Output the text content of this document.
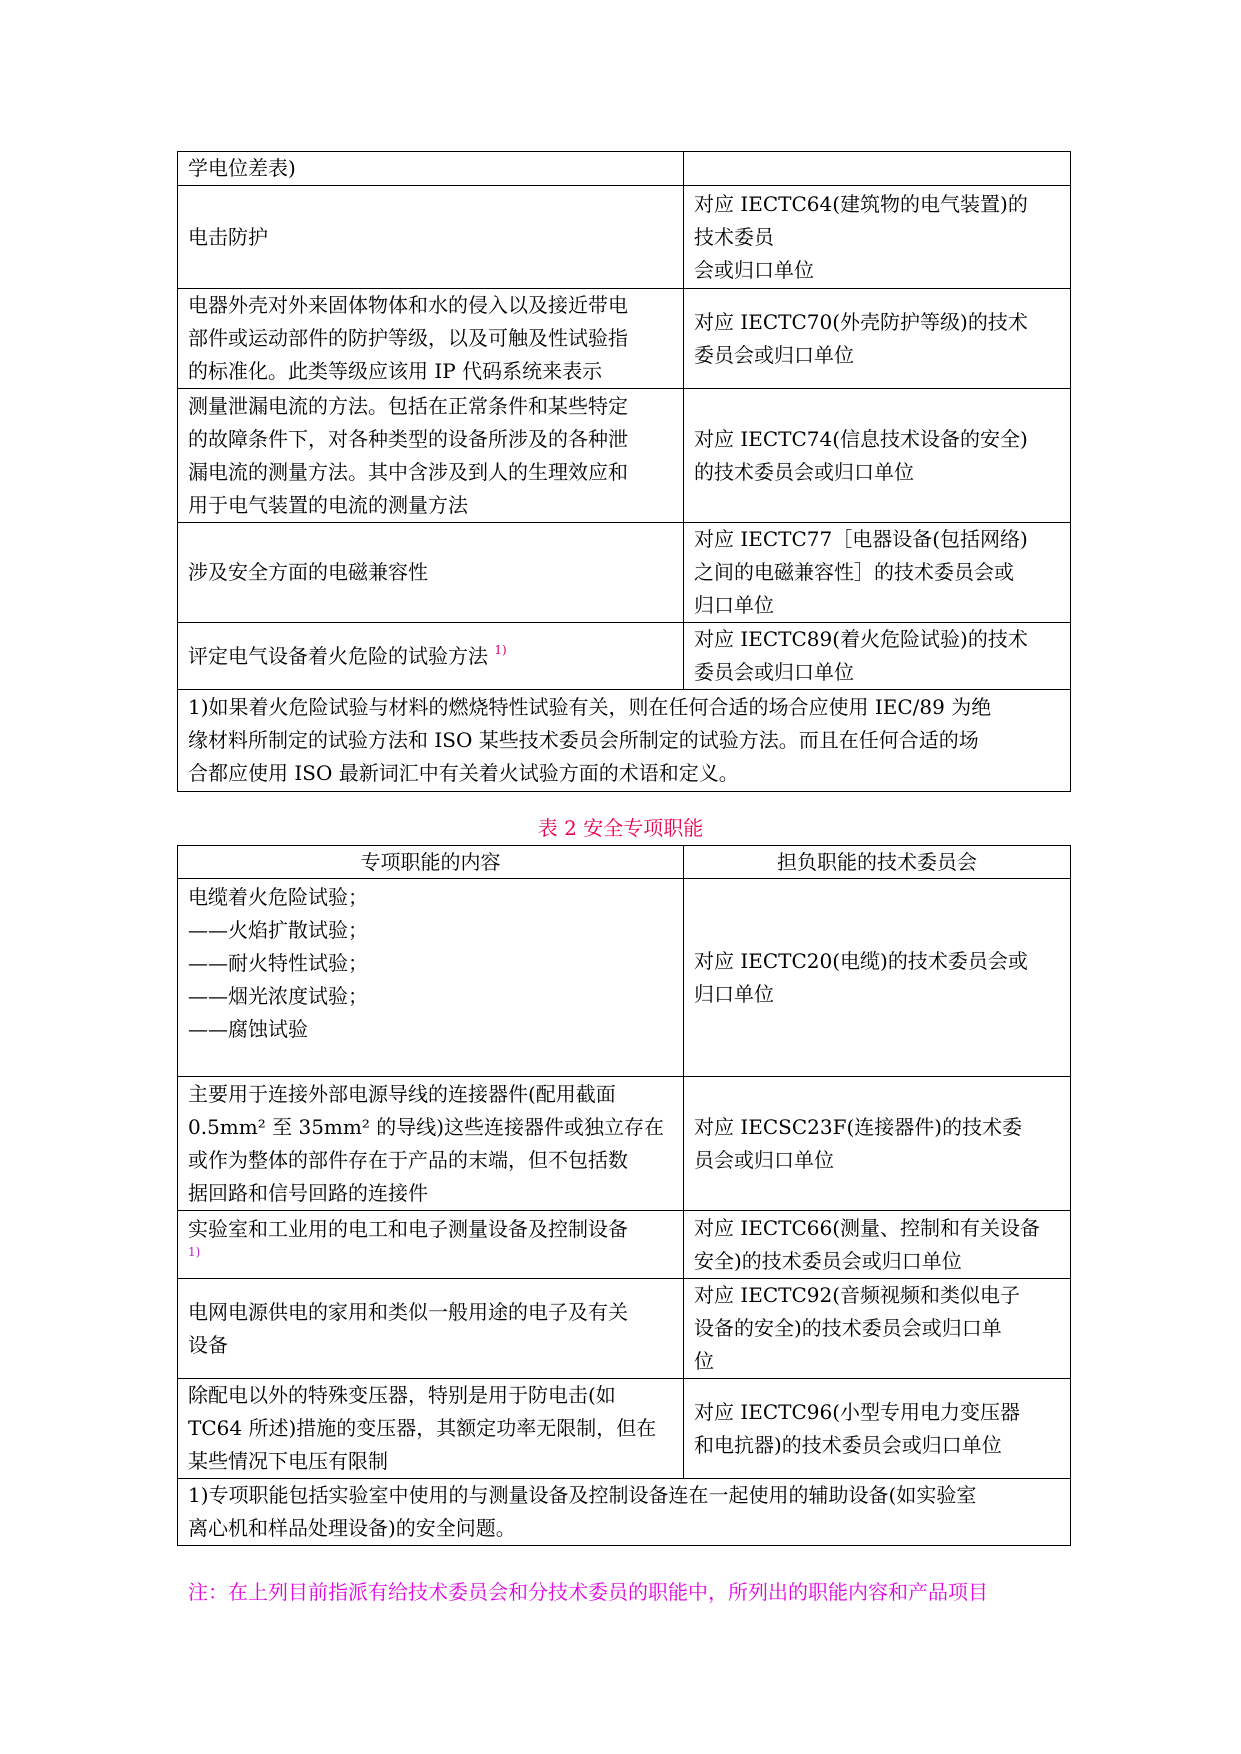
学电位差表)	

电击防护	对应 IECTC64(建筑物的电气装置)的
技术委员
会或归口单位

电器外壳对外来固体物体和水的侵入以及接近带电
部件或运动部件的防护等级，以及可触及性试验指
的标准化。此类等级应该用 IP 代码系统来表示	对应 IECTC70(外壳防护等级)的技术
委员会或归口单位

测量泄漏电流的方法。包括在正常条件和某些特定
的故障条件下，对各种类型的设备所涉及的各种泄
漏电流的测量方法。其中含涉及到人的生理效应和
用于电气装置的电流的测量方法	对应 IECTC74(信息技术设备的安全)
的技术委员会或归口单位

涉及安全方面的电磁兼容性	对应 IECTC77［电器设备(包括网络)
之间的电磁兼容性］的技术委员会或
归口单位

评定电气设备着火危险的试验方法 $^{1)}$	对应 IECTC89(着火危险试验)的技术
委员会或归口单位

1)如果着火危险试验与材料的燃烧特性试验有关，则在任何合适的场合应使用 IEC/89 为绝
缘材料所制定的试验方法和 ISO 某些技术委员会所制定的试验方法。而且在任何合适的场
合都应使用 ISO 最新词汇中有关着火试验方面的术语和定义。	
表 2 安全专项职能
专项职能的内容	担负职能的技术委员会

电缆着火危险试验；
——火焰扩散试验；
——耐火特性试验；
——烟光浓度试验；
——腐蚀试验	对应 IECTC20(电缆)的技术委员会或
归口单位

主要用于连接外部电源导线的连接器件(配用截面
0.5mm² 至 35mm² 的导线)这些连接器件或独立存在
或作为整体的部件存在于产品的末端，但不包括数
据回路和信号回路的连接件	对应 IECSC23F(连接器件)的技术委
员会或归口单位

实验室和工业用的电工和电子测量设备及控制设备
1)	对应 IECTC66(测量、控制和有关设备
安全)的技术委员会或归口单位

电网电源供电的家用和类似一般用途的电子及有关
设备	对应 IECTC92(音频视频和类似电子
设备的安全)的技术委员会或归口单
位

除配电以外的特殊变压器，特别是用于防电击(如
TC64 所述)措施的变压器，其额定功率无限制，但在
某些情况下电压有限制	对应 IECTC96(小型专用电力变压器
和电抗器)的技术委员会或归口单位

1)专项职能包括实验室中使用的与测量设备及控制设备连在一起使用的辅助设备(如实验室
离心机和样品处理设备)的安全问题。	
注：在上列目前指派有给技术委员会和分技术委员的职能中，所列出的职能内容和产品项目
